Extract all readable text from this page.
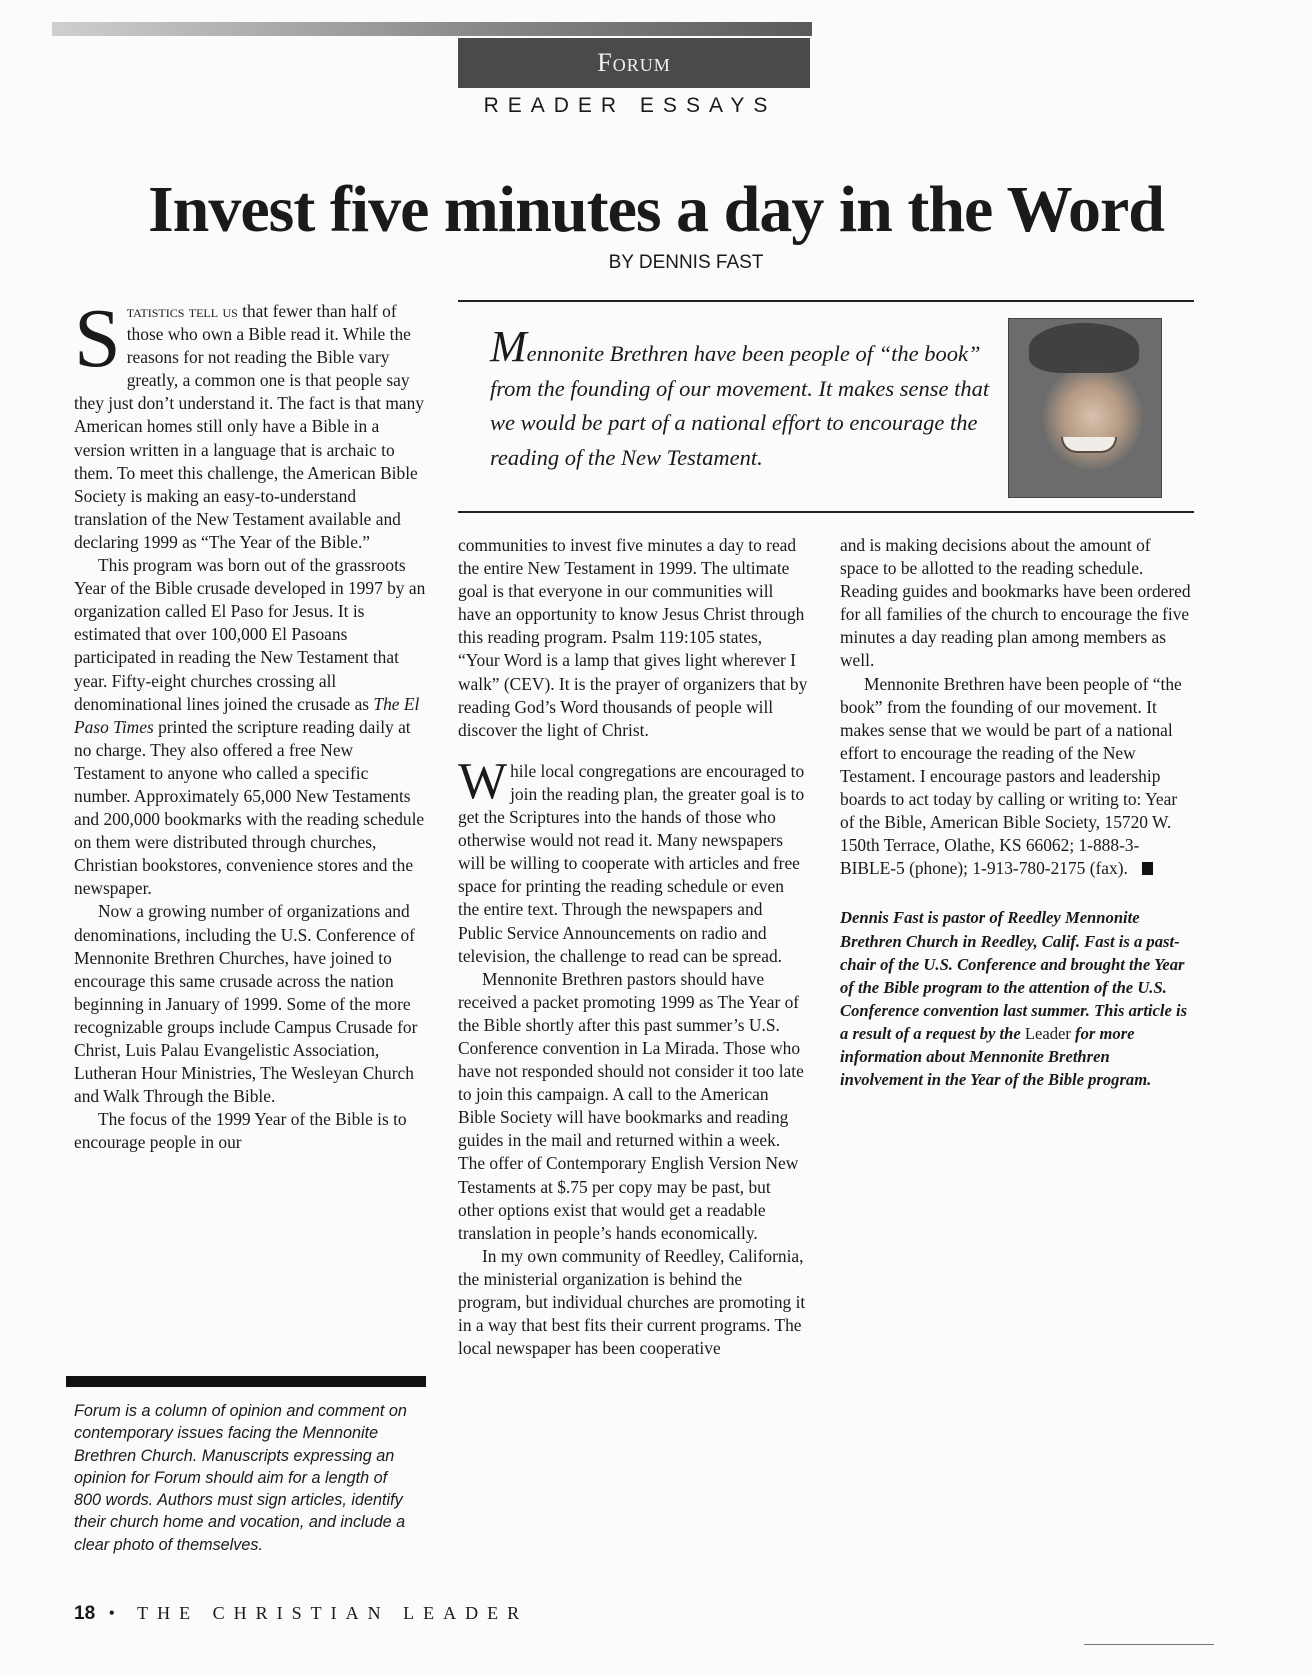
Forum
READER ESSAYS
Invest five minutes a day in the Word
BY DENNIS FAST

Statistics tell us that fewer than half of those who own a Bible read it. While the reasons for not reading the Bible vary greatly, a common one is that people say they just don’t understand it. The fact is that many American homes still only have a Bible in a version written in a language that is archaic to them. To meet this challenge, the American Bible Society is making an easy-to-understand translation of the New Testament available and declaring 1999 as “The Year of the Bible.”

This program was born out of the grassroots Year of the Bible crusade developed in 1997 by an organization called El Paso for Jesus. It is estimated that over 100,000 El Pasoans participated in reading the New Testament that year. Fifty-eight churches crossing all denominational lines joined the crusade as The El Paso Times printed the scripture reading daily at no charge. They also offered a free New Testament to anyone who called a specific number. Approximately 65,000 New Testaments and 200,000 bookmarks with the reading schedule on them were distributed through churches, Christian bookstores, convenience stores and the newspaper.

Now a growing number of organizations and denominations, including the U.S. Conference of Mennonite Brethren Churches, have joined to encourage this same crusade across the nation beginning in January of 1999. Some of the more recognizable groups include Campus Crusade for Christ, Luis Palau Evangelistic Association, Lutheran Hour Ministries, The Wesleyan Church and Walk Through the Bible.

The focus of the 1999 Year of the Bible is to encourage people in our

Mennonite Brethren have been people of “the book” from the founding of our movement. It makes sense that we would be part of a national effort to encourage the reading of the New Testament.

communities to invest five minutes a day to read the entire New Testament in 1999. The ultimate goal is that everyone in our communities will have an opportunity to know Jesus Christ through this reading program. Psalm 119:105 states, “Your Word is a lamp that gives light wherever I walk” (CEV). It is the prayer of organizers that by reading God’s Word thousands of people will discover the light of Christ.

While local congregations are encouraged to join the reading plan, the greater goal is to get the Scriptures into the hands of those who otherwise would not read it. Many newspapers will be willing to cooperate with articles and free space for printing the reading schedule or even the entire text. Through the newspapers and Public Service Announcements on radio and television, the challenge to read can be spread.

Mennonite Brethren pastors should have received a packet promoting 1999 as The Year of the Bible shortly after this past summer’s U.S. Conference convention in La Mirada. Those who have not responded should not consider it too late to join this campaign. A call to the American Bible Society will have bookmarks and reading guides in the mail and returned within a week. The offer of Contemporary English Version New Testaments at $.75 per copy may be past, but other options exist that would get a readable translation in people’s hands economically.

In my own community of Reedley, California, the ministerial organization is behind the program, but individual churches are promoting it in a way that best fits their current programs. The local newspaper has been cooperative

and is making decisions about the amount of space to be allotted to the reading schedule. Reading guides and bookmarks have been ordered for all families of the church to encourage the five minutes a day reading plan among members as well.

Mennonite Brethren have been people of “the book” from the founding of our movement. It makes sense that we would be part of a national effort to encourage the reading of the New Testament. I encourage pastors and leadership boards to act today by calling or writing to: Year of the Bible, American Bible Society, 15720 W. 150th Terrace, Olathe, KS 66062; 1-888-3-BIBLE-5 (phone); 1-913-780-2175 (fax).

Dennis Fast is pastor of Reedley Mennonite Brethren Church in Reedley, Calif. Fast is a past-chair of the U.S. Conference and brought the Year of the Bible program to the attention of the U.S. Conference convention last summer. This article is a result of a request by the Leader for more information about Mennonite Brethren involvement in the Year of the Bible program.

Forum is a column of opinion and comment on contemporary issues facing the Mennonite Brethren Church. Manuscripts expressing an opinion for Forum should aim for a length of 800 words. Authors must sign articles, identify their church home and vocation, and include a clear photo of themselves.
18 • THE CHRISTIAN LEADER
